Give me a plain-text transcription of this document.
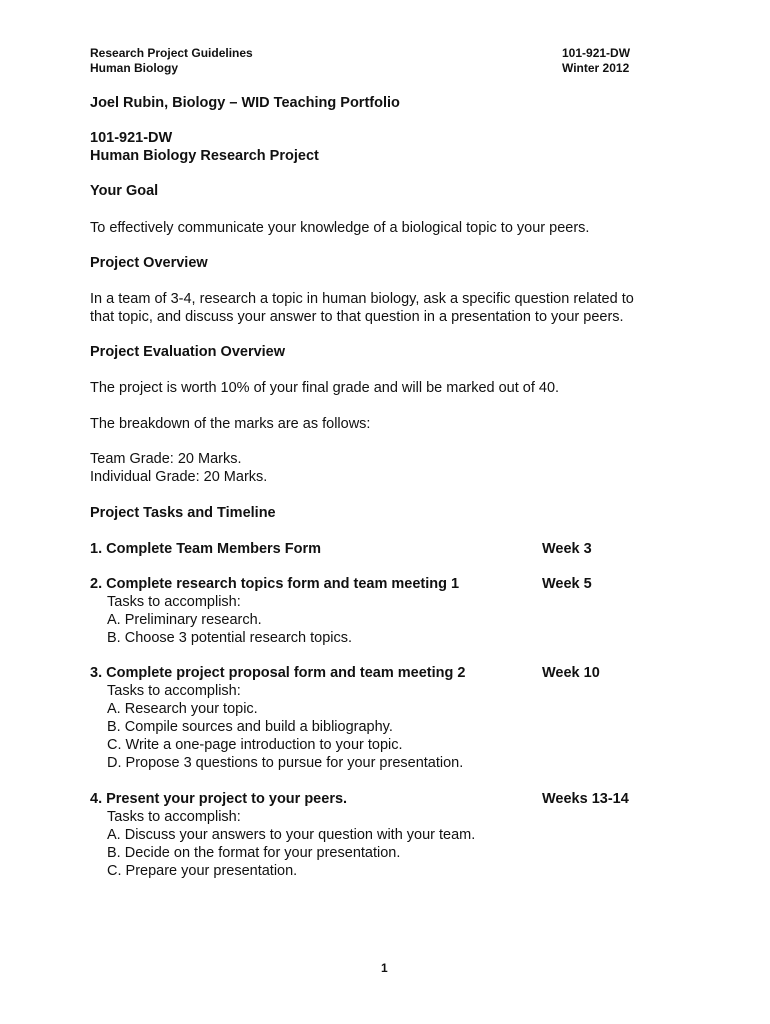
Research Project Guidelines
Human Biology
101-921-DW
Winter 2012
Joel Rubin, Biology – WID Teaching Portfolio
101-921-DW
Human Biology Research Project
Your Goal
To effectively communicate your knowledge of a biological topic to your peers.
Project Overview
In a team of 3-4, research a topic in human biology, ask a specific question related to
that topic, and discuss your answer to that question in a presentation to your peers.
Project Evaluation Overview
The project is worth 10% of your final grade and will be marked out of 40.
The breakdown of the marks are as follows:
Team Grade: 20 Marks.
Individual Grade: 20 Marks.
Project Tasks and Timeline
1. Complete Team Members Form	Week 3
2. Complete research topics form and team meeting 1
Tasks to accomplish:
A. Preliminary research.
B. Choose 3 potential research topics.
Week 5
3. Complete project proposal form and team meeting 2
Tasks to accomplish:
A. Research your topic.
B. Compile sources and build a bibliography.
C. Write a one-page introduction to your topic.
D. Propose 3 questions to pursue for your presentation.
Week 10
4. Present your project to your peers.
Tasks to accomplish:
A. Discuss your answers to your question with your team.
B. Decide on the format for your presentation.
C. Prepare your presentation.
Weeks 13-14
1
